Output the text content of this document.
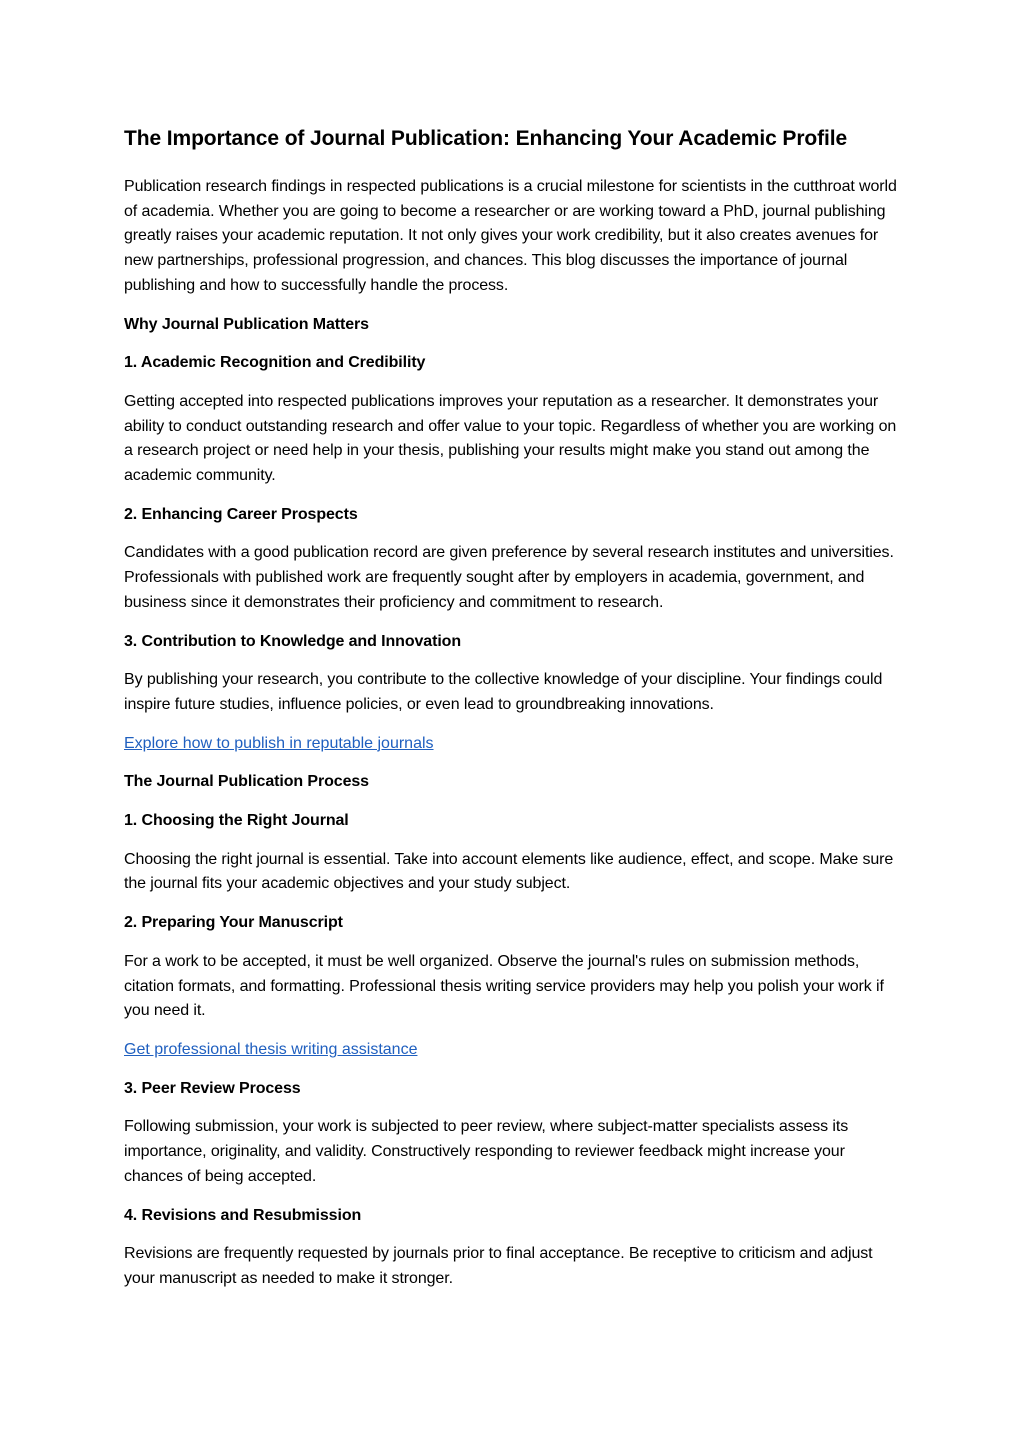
The Importance of Journal Publication: Enhancing Your Academic Profile

Publication research findings in respected publications is a crucial milestone for scientists in the cutthroat world of academia. Whether you are going to become a researcher or are working toward a PhD, journal publishing greatly raises your academic reputation. It not only gives your work credibility, but it also creates avenues for new partnerships, professional progression, and chances. This blog discusses the importance of journal publishing and how to successfully handle the process.

Why Journal Publication Matters

1. Academic Recognition and Credibility

Getting accepted into respected publications improves your reputation as a researcher. It demonstrates your ability to conduct outstanding research and offer value to your topic. Regardless of whether you are working on a research project or need help in your thesis, publishing your results might make you stand out among the academic community.

2. Enhancing Career Prospects

Candidates with a good publication record are given preference by several research institutes and universities. Professionals with published work are frequently sought after by employers in academia, government, and business since it demonstrates their proficiency and commitment to research.

3. Contribution to Knowledge and Innovation

By publishing your research, you contribute to the collective knowledge of your discipline. Your findings could inspire future studies, influence policies, or even lead to groundbreaking innovations.

Explore how to publish in reputable journals

The Journal Publication Process

1. Choosing the Right Journal

Choosing the right journal is essential. Take into account elements like audience, effect, and scope. Make sure the journal fits your academic objectives and your study subject.

2. Preparing Your Manuscript

For a work to be accepted, it must be well organized. Observe the journal's rules on submission methods, citation formats, and formatting. Professional thesis writing service providers may help you polish your work if you need it.

Get professional thesis writing assistance

3. Peer Review Process

Following submission, your work is subjected to peer review, where subject-matter specialists assess its importance, originality, and validity. Constructively responding to reviewer feedback might increase your chances of being accepted.

4. Revisions and Resubmission

Revisions are frequently requested by journals prior to final acceptance. Be receptive to criticism and adjust your manuscript as needed to make it stronger.
